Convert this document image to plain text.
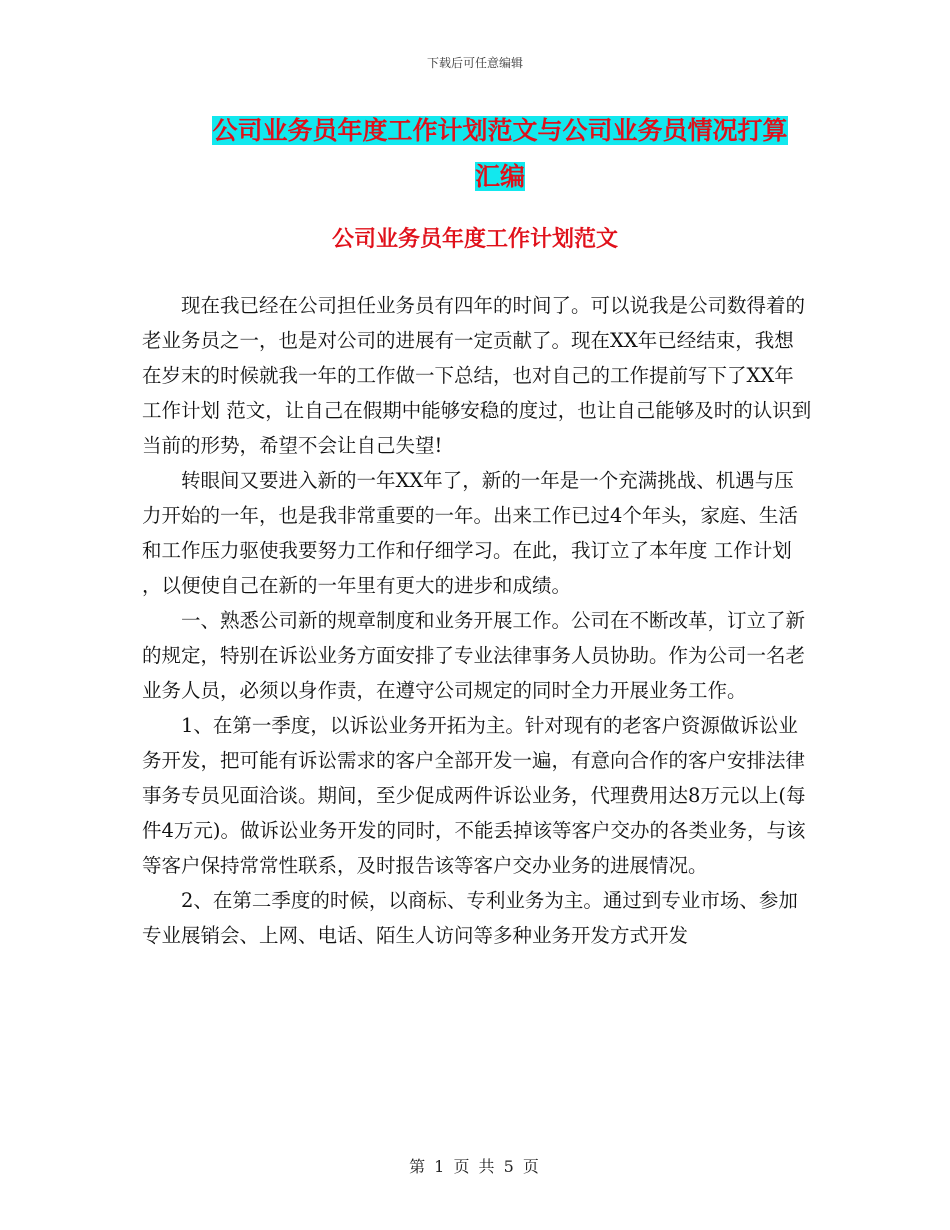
下载后可任意编辑
公司业务员年度工作计划范文与公司业务员情况打算
汇编
公司业务员年度工作计划范文

现在我已经在公司担任业务员有四年的时间了。可以说我是公司数得着的老业务员之一，也是对公司的进展有一定贡献了。现在XX年已经结束，我想在岁末的时候就我一年的工作做一下总结，也对自己的工作提前写下了XX年 工作计划 范文，让自己在假期中能够安稳的度过，也让自己能够及时的认识到当前的形势，希望不会让自己失望!

转眼间又要进入新的一年XX年了，新的一年是一个充满挑战、机遇与压力开始的一年，也是我非常重要的一年。出来工作已过4个年头，家庭、生活和工作压力驱使我要努力工作和仔细学习。在此，我订立了本年度 工作计划 ，以便使自己在新的一年里有更大的进步和成绩。

一、熟悉公司新的规章制度和业务开展工作。公司在不断改革，订立了新的规定，特别在诉讼业务方面安排了专业法律事务人员协助。作为公司一名老业务人员，必须以身作责，在遵守公司规定的同时全力开展业务工作。

1、在第一季度，以诉讼业务开拓为主。针对现有的老客户资源做诉讼业务开发，把可能有诉讼需求的客户全部开发一遍，有意向合作的客户安排法律事务专员见面洽谈。期间，至少促成两件诉讼业务，代理费用达8万元以上(每件4万元)。做诉讼业务开发的同时，不能丢掉该等客户交办的各类业务，与该等客户保持常常性联系，及时报告该等客户交办业务的进展情况。

2、在第二季度的时候，以商标、专利业务为主。通过到专业市场、参加专业展销会、上网、电话、陌生人访问等多种业务开发方式开发

第 1 页 共 5 页
